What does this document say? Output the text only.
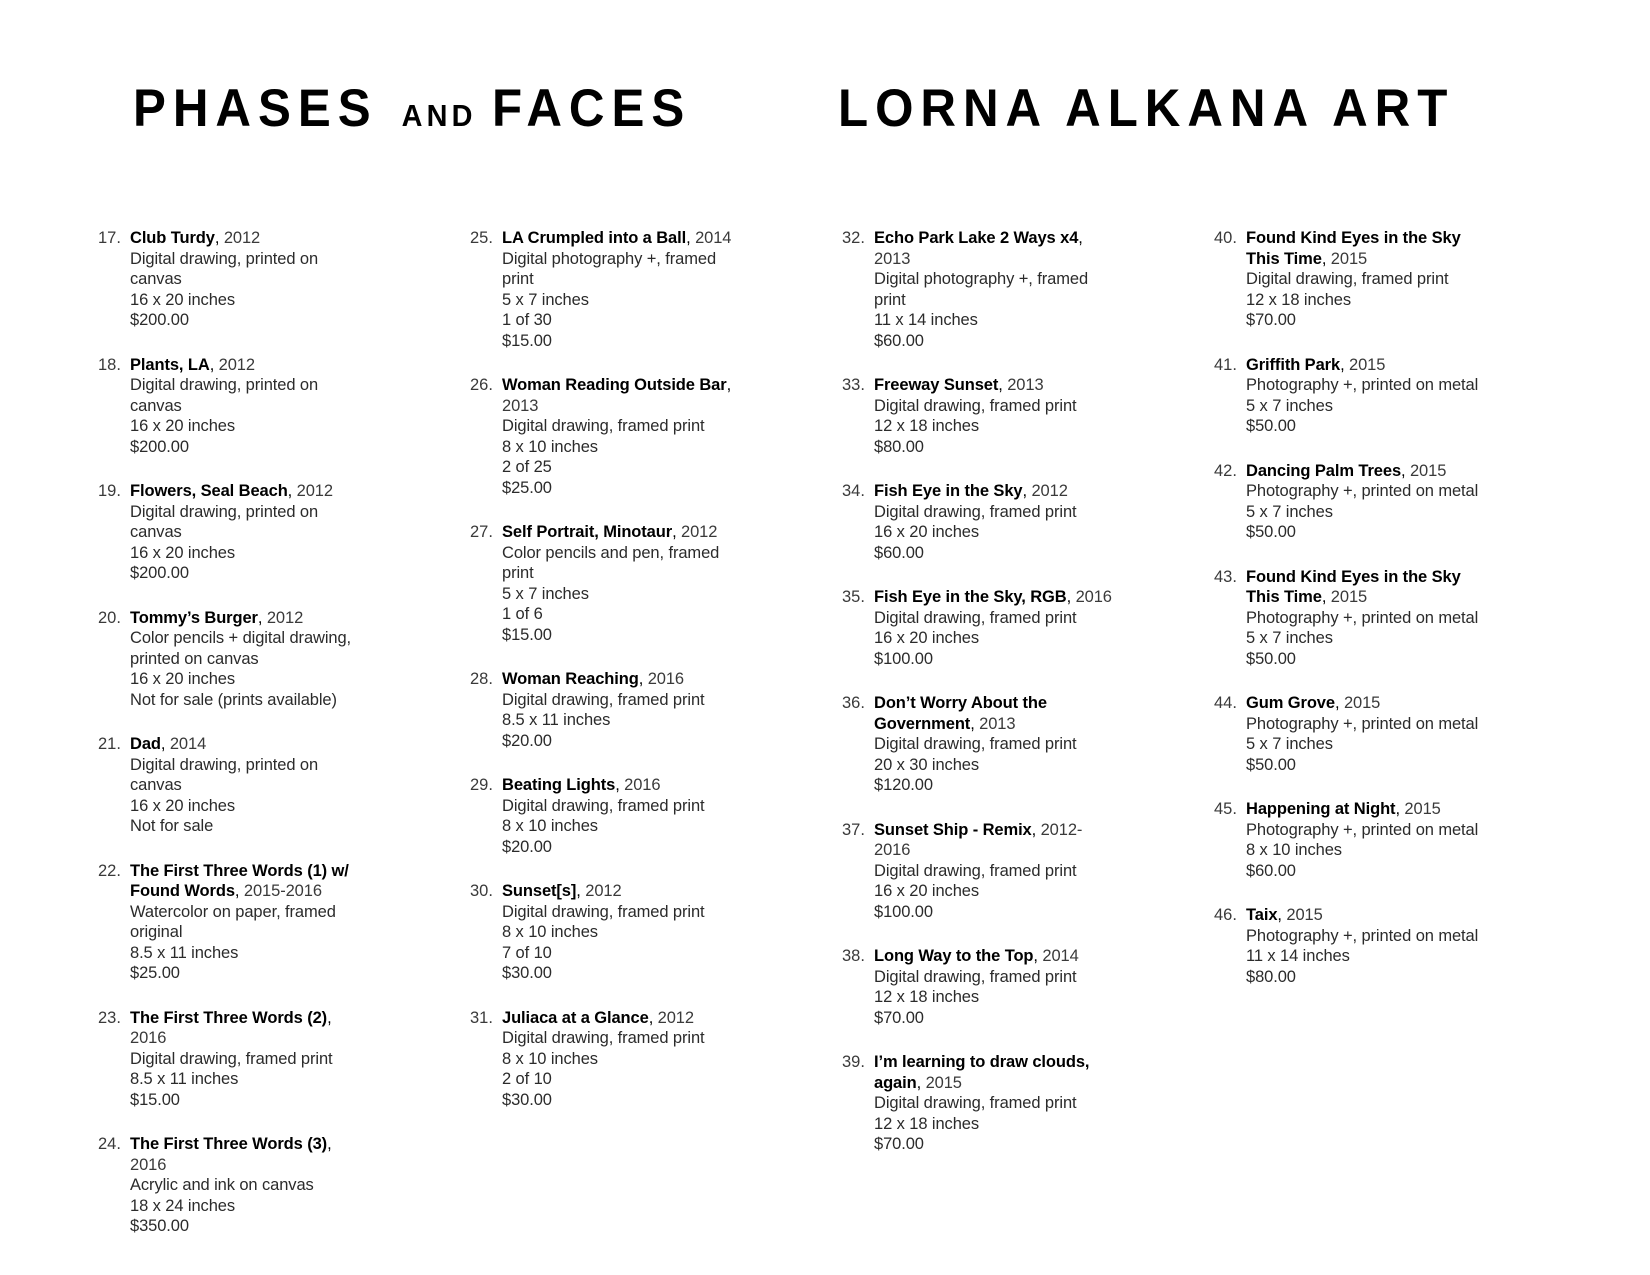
PHASES AND FACES	LORNA ALKANA ART
17. Club Turdy, 2012
Digital drawing, printed on canvas
16 x 20 inches
$200.00
18. Plants, LA, 2012
Digital drawing, printed on canvas
16 x 20 inches
$200.00
19. Flowers, Seal Beach, 2012
Digital drawing, printed on canvas
16 x 20 inches
$200.00
20. Tommy’s Burger, 2012
Color pencils + digital drawing, printed on canvas
16 x 20 inches
Not for sale (prints available)
21. Dad, 2014
Digital drawing, printed on canvas
16 x 20 inches
Not for sale
22. The First Three Words (1) w/ Found Words, 2015-2016
Watercolor on paper, framed original
8.5 x 11 inches
$25.00
23. The First Three Words (2), 2016
Digital drawing, framed print
8.5 x 11 inches
$15.00
24. The First Three Words (3), 2016
Acrylic and ink on canvas
18 x 24 inches
$350.00
25. LA Crumpled into a Ball, 2014
Digital photography +, framed print
5 x 7 inches
1 of 30
$15.00
26. Woman Reading Outside Bar, 2013
Digital drawing, framed print
8 x 10 inches
2 of 25
$25.00
27. Self Portrait, Minotaur, 2012
Color pencils and pen, framed print
5 x 7 inches
1 of 6
$15.00
28. Woman Reaching, 2016
Digital drawing, framed print
8.5 x 11 inches
$20.00
29. Beating Lights, 2016
Digital drawing, framed print
8 x 10 inches
$20.00
30. Sunset[s], 2012
Digital drawing, framed print
8 x 10 inches
7 of 10
$30.00
31. Juliaca at a Glance, 2012
Digital drawing, framed print
8 x 10 inches
2 of 10
$30.00
32. Echo Park Lake 2 Ways x4, 2013
Digital photography +, framed print
11 x 14 inches
$60.00
33. Freeway Sunset, 2013
Digital drawing, framed print
12 x 18 inches
$80.00
34. Fish Eye in the Sky, 2012
Digital drawing, framed print
16 x 20 inches
$60.00
35. Fish Eye in the Sky, RGB, 2016
Digital drawing, framed print
16 x 20 inches
$100.00
36. Don’t Worry About the Government, 2013
Digital drawing, framed print
20 x 30 inches
$120.00
37. Sunset Ship - Remix, 2012-2016
Digital drawing, framed print
16 x 20 inches
$100.00
38. Long Way to the Top, 2014
Digital drawing, framed print
12 x 18 inches
$70.00
39. I’m learning to draw clouds, again, 2015
Digital drawing, framed print
12 x 18 inches
$70.00
40. Found Kind Eyes in the Sky This Time, 2015
Digital drawing, framed print
12 x 18 inches
$70.00
41. Griffith Park, 2015
Photography +, printed on metal
5 x 7 inches
$50.00
42. Dancing Palm Trees, 2015
Photography +, printed on metal
5 x 7 inches
$50.00
43. Found Kind Eyes in the Sky This Time, 2015
Photography +, printed on metal
5 x 7 inches
$50.00
44. Gum Grove, 2015
Photography +, printed on metal
5 x 7 inches
$50.00
45. Happening at Night, 2015
Photography +, printed on metal
8 x 10 inches
$60.00
46. Taix, 2015
Photography +, printed on metal
11 x 14 inches
$80.00
